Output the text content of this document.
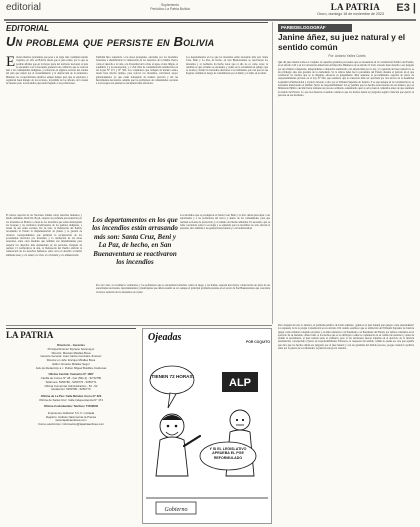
editorial	Suplemento
Periódico La Patria Bolivia	LA PATRIA
Oruro, domingo 18 de noviembre de 2023	E3 |
EDITORIAL
Un problema que persiste en Bolivia
E xisten muchos problemas que pese a su larga data continúan siendo vigentes, no sólo en Bolivia desde que el país existe, por lo que es posible afirmar que en la mayor parte del territorio nacional, el país se encuentra con la frecuente presencia de conflictos que se acercan más a las comunidades indígenas, y sobretodo en algunos sectores del oriente del país que sufren por el avasallamiento y la destrucción de la naturaleza. Mientras los cooperativistas auríferos exigen tiempo para que se explotara y organicen buen manejo de los recursos, la pérdida de los árboles, de la fauna de nuestro país, los incendios que están llegando a las poblaciones.
El relator especial de las Naciones Unidas sobre derechos humanos y medio ambiente, David R. Boyd, expresó su profunda preocupación por los incendios en Bolivia a causa de los incendios que están destruyendo los bosques y los territorios tradicionales de los pueblos indígenas, a través de sus redes sociales. De su lado, la Defensoría del Pueblo recomendó al Estado la implementación de planes y la gestión de recursos correspondientes que permitan la recuperación de los ecosistemas afectados por incendios y la restitución de las áreas forestales, entre otras medidas que también son fundamentales para respetar los derechos más elementales de las personas. Después de realizar 13 verificativos in situ, la Defensoría del Pueblo advirtió la vulneración de los derechos humanos, entre otros el derecho al medio ambiente sano y a la salud; a la vida, a la vivienda y a la alimentación.
También hizo referencia a las áreas protegidas, afectadas por los incendios forestales e identificando la vulneración de los derechos de la Madre Tierra, como el derecho a la vida, a la diversidad de la vida, al agua, al aire limpio, al equilibrio y a la restauración, y a vivir libre de contaminación establecidos en las Leyes N° 071 y N° 300. Los voluntarios que trabajan de manera ardua, desde hace mucho tiempo, para sofocar los incendios, solicitaron apoyo gubernamental, ya que están trabajando de manera precaria y sin las herramientas necesarias, además que los pobladores de comunidades cercanas a los bosques son quienes se encuentran más afectados.
Los departamentos en los que los incendios están arrasando más son: Santa Cruz, Beni y La Paz, de hecho, en San Buenaventura se reactivaron los incendios y el Gobierno ha hecho notar que el año no es como otros; la realidad es que el humo se encuentra y existe en la actualidad un peligro que se asoma y donde los incendios afectaron a los habitantes que ven que en sus hogares continúa el riesgo de contaminarse por el humo y el daño en la salud.
Los incendios que se produjeron en Santa Cruz, Beni y La Paz, deben preocupar a las autoridades y a los pobladores del sector y dentro de las comunidades, para que realizan acciones de protección y el cuidado del medio ambiente. Es necesario que se tome conciencia sobre la ecología y se entienda que los incendios no sólo afectan el presente, sino también a las generaciones futuras y a la biodiversidad.
Por otro lado, los bomberos voluntarios y los pobladores que se encuentran luchando contra el fuego y las llamas, esperan una mayor colaboración de parte de las autoridades nacionales, departamentales y municipales que deben asumir su rol, aunque el principal problema persiste en el sector de San Buenaventura que concentra la mayor atención de los incendios en el país.
Los departamentos en los que los incendios están arrasando más son: Santa Cruz, Beni y La Paz, de hecho, en San Buenaventura se reactivaron los incendios
PARIEDELOGOGRÁF
Janine áñez, su juez natural y el sentido común
Por: Antonio Yañez Cortés
Qué del juez natural somos el conjunto de aquellas garantías procesales que se encuentran en la Constitución Política del Estado, en el artículo 120 y en la Convención Americana de Derechos Humanos en su artículo 8. Todo acusado tiene derecho a ser juzgado por un tribunal competente, independiente e imparcial establecido con anterioridad por la ley, y la garantía del juez natural no es un privilegio sino una garantía de la ciudadanía. Sí, la señora Añez fue la presidenta del Estado durante el periodo en el que ocurrieron los hechos que se le imputan, entonces su juzgamiento debe sujetarse al procedimiento especial de juicio de responsabilidades previsto en la Ley N° 044, que establece que la acusación debe ser aprobada por dos tercios de la Asamblea Legislativa Plurinacional y el juicio llevado a cabo por el Tribunal Supremo de Justicia. Y es que aunque en la Constitución no se encuentra mencionado el término 'juicio de responsabilidades' la Ley permite que los hechos sean tratados de esa manera, pero el Ministerio Público decidió llevar adelante un proceso ordinario, sustentando que los actos fueron cometidos antes de que asumiera el mando del Estado. Lo que nos muestra el sentido común es que los hechos deben ser juzgados según la función que ejercía la persona en ese momento.
Pero después de todo lo anterior, el problema jurídico de fondo subsiste: ¿quién es el juez natural para juzgar a una expresidenta? La respuesta la da la propia Constitución en su artículo 184 cuando establece que es atribución del Tribunal Supremo de Justicia juzgar como tribunal colegiado en pleno y en única instancia a la Presidenta o el Presidente del Estado por delitos cometidos en el ejercicio de su mandato. Ahora bien, si los hechos que se le atribuyen a Añez se cometieron en su calidad de senadora y antes de asumir la presidencia, el juez natural sería el ordinario; pero si las decisiones fueron tomadas en el ejercicio de la función presidencial, corresponde el juicio de responsabilidades. Entonces, la respuesta del sentido común no puede ser otra que aquella que dice que los hechos deben ser juzgados por el juez natural y con las garantías del debido proceso, porque cuando la política entra por la puerta de los tribunales, la justicia sale por la ventana.
LA PATRIA
Directorio - Gerentes
Principal Director Kipriano Sotomayor
Director: Marcelo Miralles Bova
Gerente General: Juan Carlos Gonzales Jiménez
Director en Jefe: Enrique Miralles Bova
Editor: Ernesto Miralles Seguí
Jefe de Redacción a.i.: Rubén Miguel Bustillos Cárdenas
Oficina Central: Camacho N° 1667
Casilla de Correo N° 48 - Fax (591-2) - 52 52780
Teléfonos: 5250780 - 5250770 - 5250771
Oficina Comercial: Administración - 52 - 52
Redacción: 5250780 - 5250770
Oficina de La Paz: Calle Méndez Arcos N° 320
Oficina de Santa Cruz: Calle Independencia N° 474
Oficina Cochabamba: Teléfono 71539002
Impresores: Editorial: 5 C.C. Limitada
Registro: Instituto Nacional de la Prensa
www.lapatriaenlinea.com
Correo electrónico: informacion@lapatriaenlinea.com
¡TIENEN 72 HORAS!
ALP
Y SI EL LEGISLATIVO APRUEBA EL PGE REFORMULADO
Gobierno
Ojeadas	POR COQUITO
